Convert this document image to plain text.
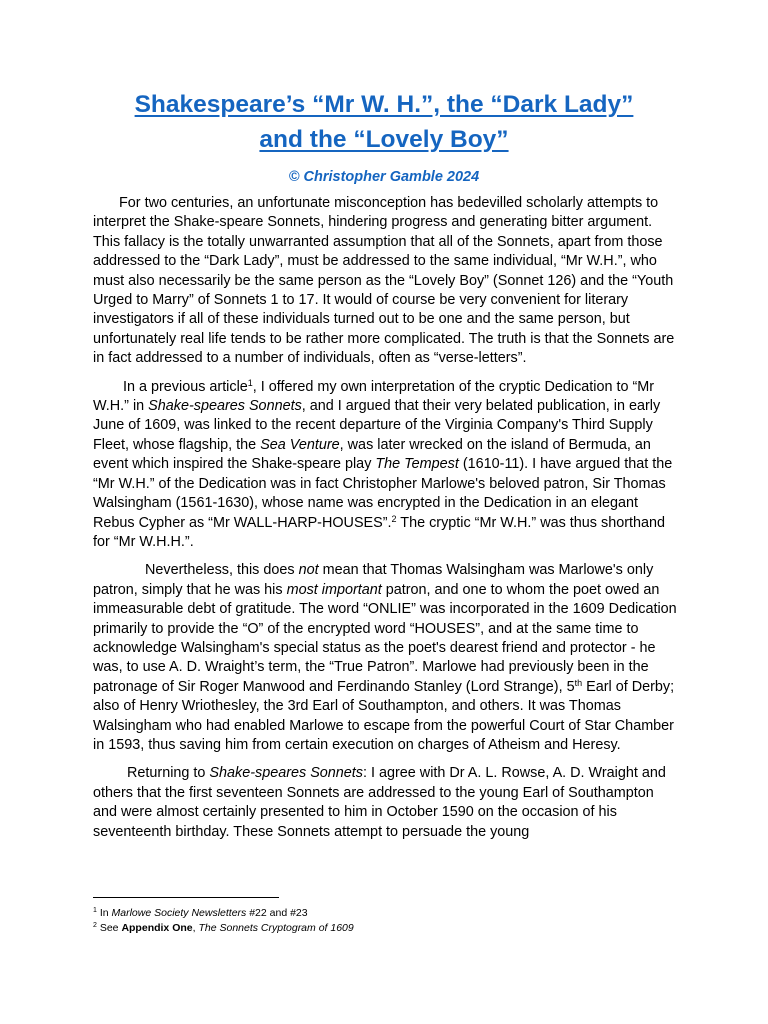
Shakespeare’s “Mr W. H.”, the “Dark Lady”
and the “Lovely Boy”
© Christopher Gamble 2024

For two centuries, an unfortunate misconception has bedevilled scholarly attempts to interpret the Shake-speare Sonnets, hindering progress and generating bitter argument. This fallacy is the totally unwarranted assumption that all of the Sonnets, apart from those addressed to the “Dark Lady”, must be addressed to the same individual, “Mr W.H.”, who must also necessarily be the same person as the “Lovely Boy” (Sonnet 126) and the “Youth Urged to Marry” of Sonnets 1 to 17. It would of course be very convenient for literary investigators if all of these individuals turned out to be one and the same person, but unfortunately real life tends to be rather more complicated. The truth is that the Sonnets are in fact addressed to a number of individuals, often as “verse-letters”.

In a previous article$^1$, I offered my own interpretation of the cryptic Dedication to “Mr W.H.” in Shake-speares Sonnets, and I argued that their very belated publication, in early June of 1609, was linked to the recent departure of the Virginia Company's Third Supply Fleet, whose flagship, the Sea Venture, was later wrecked on the island of Bermuda, an event which inspired the Shake-speare play The Tempest (1610-11). I have argued that the “Mr W.H.” of the Dedication was in fact Christopher Marlowe's beloved patron, Sir Thomas Walsingham (1561-1630), whose name was encrypted in the Dedication in an elegant Rebus Cypher as “Mr WALL-HARP-HOUSES”.$^2$ The cryptic “Mr W.H.” was thus shorthand for “Mr W.H.H.”.

Nevertheless, this does not mean that Thomas Walsingham was Marlowe's only patron, simply that he was his most important patron, and one to whom the poet owed an immeasurable debt of gratitude. The word “ONLIE” was incorporated in the 1609 Dedication primarily to provide the “O” of the encrypted word “HOUSES”, and at the same time to acknowledge Walsingham's special status as the poet's dearest friend and protector - he was, to use A. D. Wraight’s term, the “True Patron”. Marlowe had previously been in the patronage of Sir Roger Manwood and Ferdinando Stanley (Lord Strange), 5th Earl of Derby; also of Henry Wriothesley, the 3rd Earl of Southampton, and others. It was Thomas Walsingham who had enabled Marlowe to escape from the powerful Court of Star Chamber in 1593, thus saving him from certain execution on charges of Atheism and Heresy.

Returning to Shake-speares Sonnets: I agree with Dr A. L. Rowse, A. D. Wraight and others that the first seventeen Sonnets are addressed to the young Earl of Southampton and were almost certainly presented to him in October 1590 on the occasion of his seventeenth birthday. These Sonnets attempt to persuade the young

$^1$ In Marlowe Society Newsletters #22 and #23
$^2$ See Appendix One, The Sonnets Cryptogram of 1609
